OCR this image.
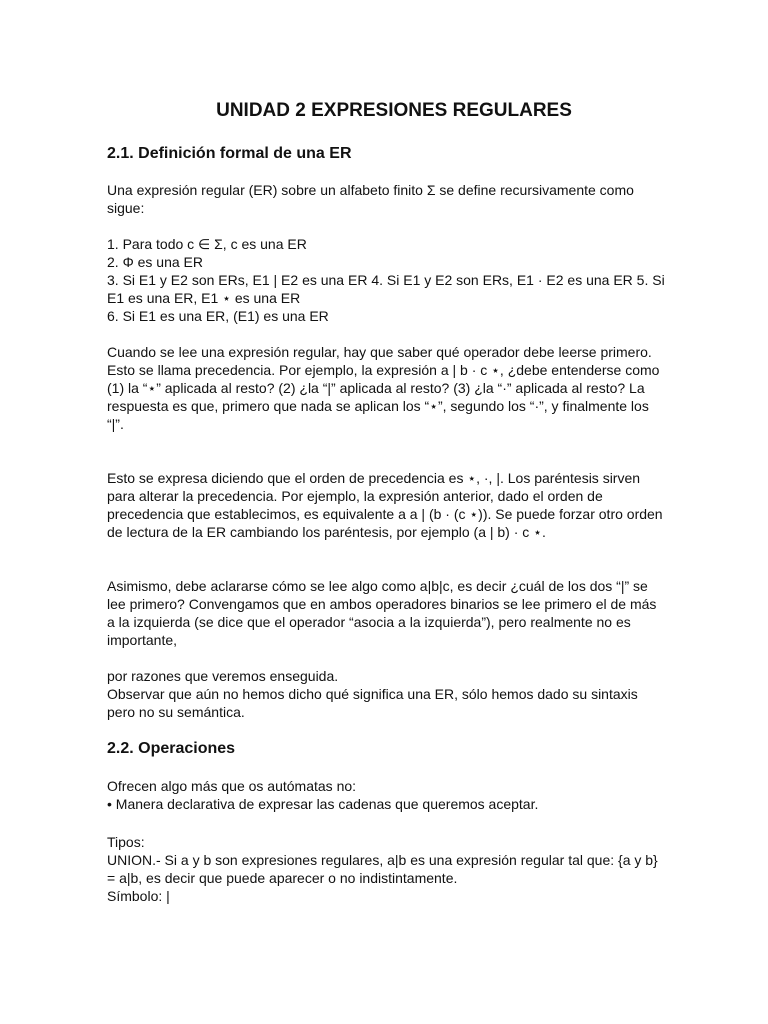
UNIDAD 2 EXPRESIONES REGULARES
2.1. Definición formal de una ER

Una expresión regular (ER) sobre un alfabeto finito Σ se define recursivamente como sigue:

1. Para todo c ∈ Σ, c es una ER
2. Φ es una ER
3. Si E1 y E2 son ERs, E1 | E2 es una ER 4. Si E1 y E2 son ERs, E1 · E2 es una ER 5. Si E1 es una ER, E1 ⋆ es una ER
6. Si E1 es una ER, (E1) es una ER

Cuando se lee una expresión regular, hay que saber qué operador debe leerse primero.

Esto se llama precedencia. Por ejemplo, la expresión a | b · c ⋆, ¿debe entenderse como (1) la “⋆” aplicada al resto? (2) ¿la “|” aplicada al resto? (3) ¿la “·” aplicada al resto? La respuesta es que, primero que nada se aplican los “⋆”, segundo los “·”, y finalmente los “|”.

Esto se expresa diciendo que el orden de precedencia es ⋆, ·, |. Los paréntesis sirven para alterar la precedencia. Por ejemplo, la expresión anterior, dado el orden de precedencia que establecimos, es equivalente a a | (b · (c ⋆)). Se puede forzar otro orden de lectura de la ER cambiando los paréntesis, por ejemplo (a | b) · c ⋆.

Asimismo, debe aclararse cómo se lee algo como a|b|c, es decir ¿cuál de los dos “|” se lee primero? Convengamos que en ambos operadores binarios se lee primero el de más a la izquierda (se dice que el operador “asocia a la izquierda”), pero realmente no es importante,

por razones que veremos enseguida.

Observar que aún no hemos dicho qué significa una ER, sólo hemos dado su sintaxis pero no su semántica.

2.2. Operaciones

Ofrecen algo más que os autómatas no:

• Manera declarativa de expresar las cadenas que queremos aceptar.

Tipos:

UNION.- Si a y b son expresiones regulares, a|b es una expresión regular tal que: {a y b} = a|b, es decir que puede aparecer o no indistintamente.

Símbolo: |
